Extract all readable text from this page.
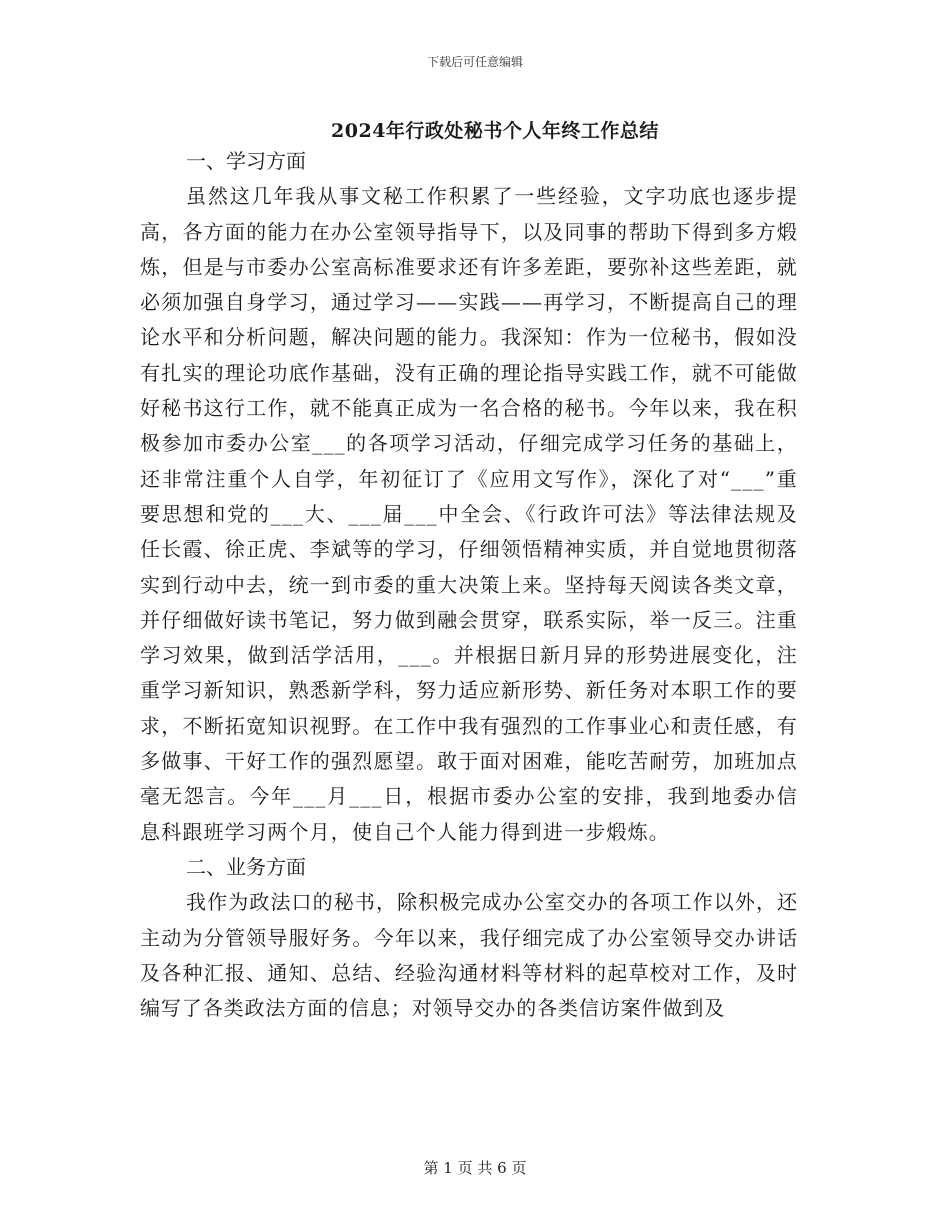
下载后可任意编辑
2024年行政处秘书个人年终工作总结

一、学习方面

虽然这几年我从事文秘工作积累了一些经验，文字功底也逐步提高，各方面的能力在办公室领导指导下，以及同事的帮助下得到多方煅炼，但是与市委办公室高标准要求还有许多差距，要弥补这些差距，就必须加强自身学习，通过学习——实践——再学习，不断提高自己的理论水平和分析问题，解决问题的能力。我深知：作为一位秘书，假如没有扎实的理论功底作基础，没有正确的理论指导实践工作，就不可能做好秘书这行工作，就不能真正成为一名合格的秘书。今年以来，我在积极参加市委办公室___的各项学习活动，仔细完成学习任务的基础上，还非常注重个人自学，年初征订了《应用文写作》，深化了对“___”重要思想和党的___大、___届___中全会、《行政许可法》等法律法规及任长霞、徐正虎、李斌等的学习，仔细领悟精神实质，并自觉地贯彻落实到行动中去，统一到市委的重大决策上来。坚持每天阅读各类文章，并仔细做好读书笔记，努力做到融会贯穿，联系实际，举一反三。注重学习效果，做到活学活用，___。并根据日新月异的形势进展变化，注重学习新知识，熟悉新学科，努力适应新形势、新任务对本职工作的要求，不断拓宽知识视野。在工作中我有强烈的工作事业心和责任感，有多做事、干好工作的强烈愿望。敢于面对困难，能吃苦耐劳，加班加点毫无怨言。今年___月___日，根据市委办公室的安排，我到地委办信息科跟班学习两个月，使自己个人能力得到进一步煅炼。

二、业务方面

我作为政法口的秘书，除积极完成办公室交办的各项工作以外，还主动为分管领导服好务。今年以来，我仔细完成了办公室领导交办讲话及各种汇报、通知、总结、经验沟通材料等材料的起草校对工作，及时编写了各类政法方面的信息；对领导交办的各类信访案件做到及

第 1 页 共 6 页
